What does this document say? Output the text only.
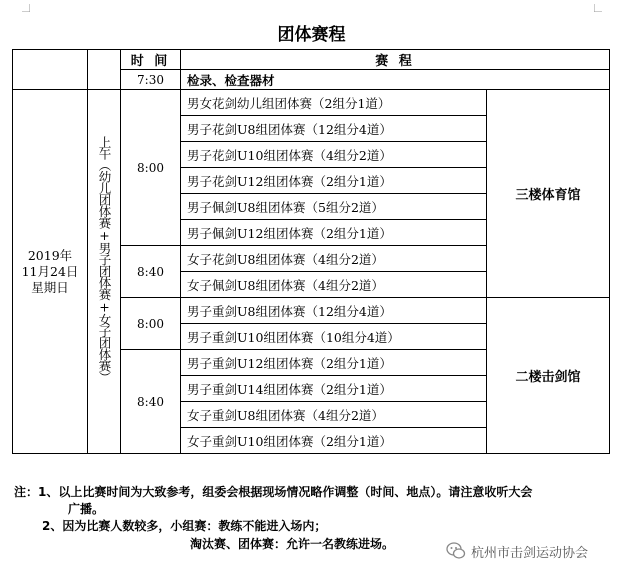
团体赛程
		时 间	赛 程	
		7:30	检录、检查器材	

2019年
11月24日
星期日	上午（幼儿团体赛+男子团体赛+女子团体赛）	8:00	男女花剑幼儿组团体赛（2组分1道）	三楼体育馆
			男子花剑U8组团体赛（12组分4道）	
			男子花剑U10组团体赛（4组分2道）	
			男子花剑U12组团体赛（2组分1道）	
			男子佩剑U8组团体赛（5组分2道）	
			男子佩剑U12组团体赛（2组分1道）	
		8:40	女子花剑U8组团体赛（4组分2道）	
			女子佩剑U8组团体赛（4组分2道）	
		8:00	男子重剑U8组团体赛（12组分4道）	二楼击剑馆
			男子重剑U10组团体赛（10组分4道）	
		8:40	男子重剑U12组团体赛（2组分1道）	
			男子重剑U14组团体赛（2组分1道）	
			女子重剑U8组团体赛（4组分2道）	
			女子重剑U10组团体赛（2组分1道）	
注：1、以上比赛时间为大致参考，组委会根据现场情况略作调整（时间、地点）。请注意收听大会
广播。
2、因为比赛人数较多，小组赛：教练不能进入场内；
淘汰赛、团体赛：允许一名教练进场。
杭州市击剑运动协会
